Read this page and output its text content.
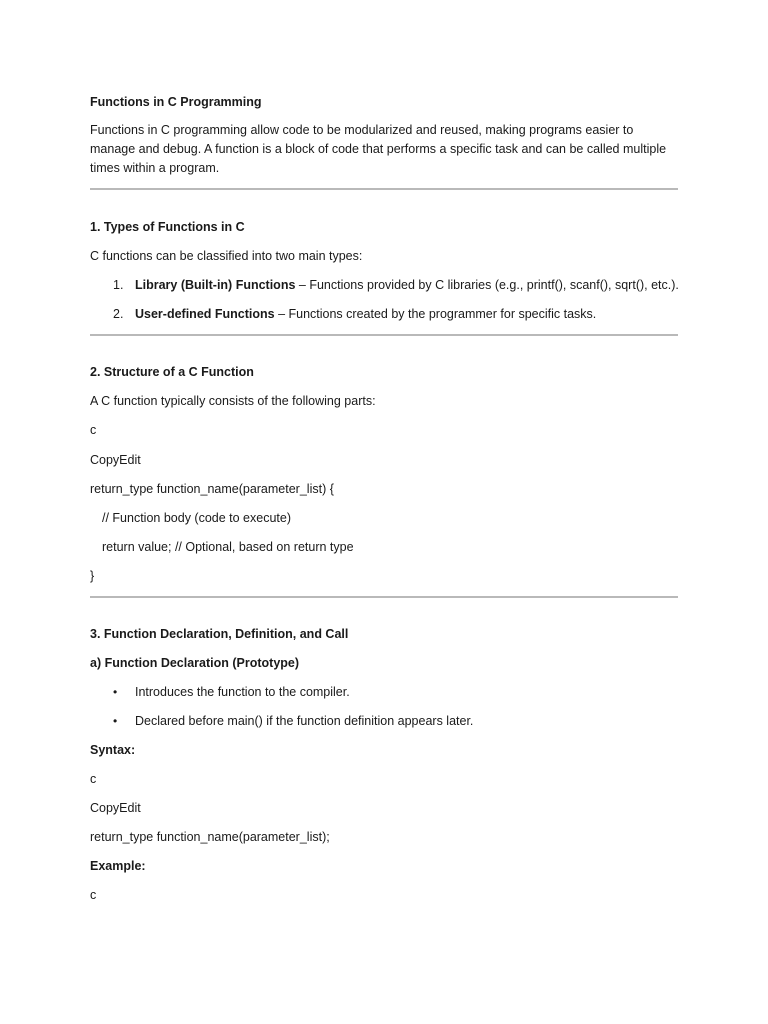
Functions in C Programming
Functions in C programming allow code to be modularized and reused, making programs easier to manage and debug. A function is a block of code that performs a specific task and can be called multiple times within a program.
1. Types of Functions in C
C functions can be classified into two main types:
1. Library (Built-in) Functions – Functions provided by C libraries (e.g., printf(), scanf(), sqrt(), etc.).
2. User-defined Functions – Functions created by the programmer for specific tasks.
2. Structure of a C Function
A C function typically consists of the following parts:
c
CopyEdit
return_type function_name(parameter_list) {
// Function body (code to execute)
return value; // Optional, based on return type
}
3. Function Declaration, Definition, and Call
a) Function Declaration (Prototype)
• Introduces the function to the compiler.
• Declared before main() if the function definition appears later.
Syntax:
c
CopyEdit
return_type function_name(parameter_list);
Example:
c
